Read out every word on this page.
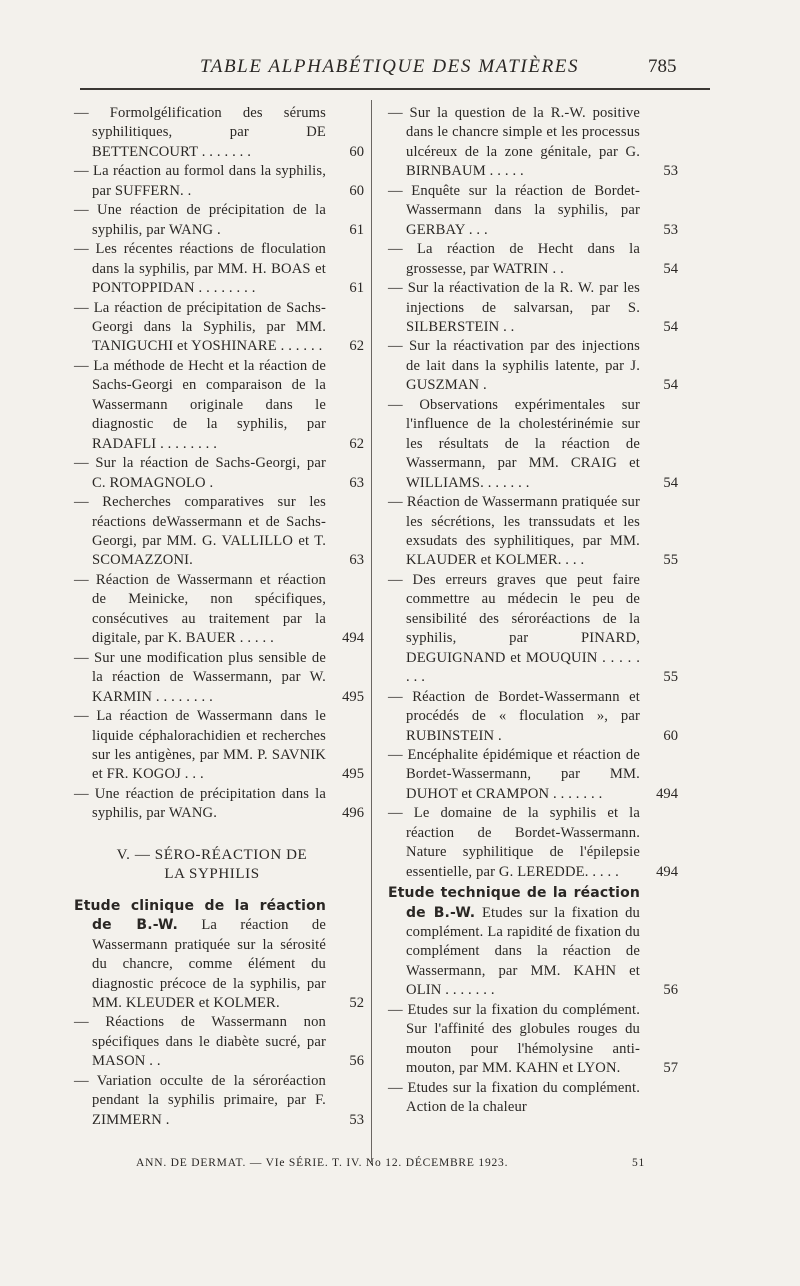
TABLE ALPHABÉTIQUE DES MATIÈRES	785
— Formolgélification des sérums syphilitiques, par DE BETTENCOURT . . . . . . .	60
— La réaction au formol dans la syphilis, par SUFFERN. .	60
— Une réaction de précipitation de la syphilis, par WANG .	61
— Les récentes réactions de floculation dans la syphilis, par MM. H. BOAS et PONTOPPIDAN . . . . . . . .	61
— La réaction de précipitation de Sachs-Georgi dans la Syphilis, par MM. TANIGUCHI et YOSHINARE . . . . . .	62
— La méthode de Hecht et la réaction de Sachs-Georgi en comparaison de la Wassermann originale dans le diagnostic de la syphilis, par RADAFLI . . . . . . . .	62
— Sur la réaction de Sachs-Georgi, par C. ROMAGNOLO .	63
— Recherches comparatives sur les réactions deWassermann et de Sachs-Georgi, par MM. G. VALLILLO et T. SCOMAZZONI.	63
— Réaction de Wassermann et réaction de Meinicke, non spécifiques, consécutives au traitement par la digitale, par K. BAUER . . . . .	494
— Sur une modification plus sensible de la réaction de Wassermann, par W. KARMIN . . . . . . . .	495
— La réaction de Wassermann dans le liquide céphalorachidien et recherches sur les antigènes, par MM. P. SAVNIK et FR. KOGOJ . . .	495
— Une réaction de précipitation dans la syphilis, par WANG.	496
V. — SÉRO-RÉACTION DE
LA SYPHILIS
Etude clinique de la réaction de B.-W. La réaction de Wassermann pratiquée sur la sérosité du chancre, comme élément du diagnostic précoce de la syphilis, par MM. KLEUDER et KOLMER.	52
— Réactions de Wassermann non spécifiques dans le diabète sucré, par MASON . .	56
— Variation occulte de la séroréaction pendant la syphilis primaire, par F. ZIMMERN .	53
— Sur la question de la R.-W. positive dans le chancre simple et les processus ulcéreux de la zone génitale, par G. BIRNBAUM . . . . .	53
— Enquête sur la réaction de Bordet-Wassermann dans la syphilis, par GERBAY . . .	53
— La réaction de Hecht dans la grossesse, par WATRIN . .	54
— Sur la réactivation de la R. W. par les injections de salvarsan, par S. SILBERSTEIN . .	54
— Sur la réactivation par des injections de lait dans la syphilis latente, par J. GUSZMAN .	54
— Observations expérimentales sur l'influence de la cholestérinémie sur les résultats de la réaction de Wassermann, par MM. CRAIG et WILLIAMS. . . . . . .	54
— Réaction de Wassermann pratiquée sur les sécrétions, les transsudats et les exsudats des syphilitiques, par MM. KLAUDER et KOLMER. . . .	55
— Des erreurs graves que peut faire commettre au médecin le peu de sensibilité des séroréactions de la syphilis, par PINARD, DEGUIGNAND et MOUQUIN . . . . . . . .	55
— Réaction de Bordet-Wassermann et procédés de « floculation », par RUBINSTEIN .	60
— Encéphalite épidémique et réaction de Bordet-Wassermann, par MM. DUHOT et CRAMPON . . . . . . .	494
— Le domaine de la syphilis et la réaction de Bordet-Wassermann. Nature syphilitique de l'épilepsie essentielle, par G. LEREDDE. . . . .	494
Etude technique de la réaction de B.-W. Etudes sur la fixation du complément. La rapidité de fixation du complément dans la réaction de Wassermann, par MM. KAHN et OLIN . . . . . . .	56
— Etudes sur la fixation du complément. Sur l'affinité des globules rouges du mouton pour l'hémolysine anti-mouton, par MM. KAHN et LYON.	57
— Etudes sur la fixation du complément. Action de la chaleur
ANN. DE DERMAT. — VIe SÉRIE. T. IV. No 12. DÉCEMBRE 1923.	51
